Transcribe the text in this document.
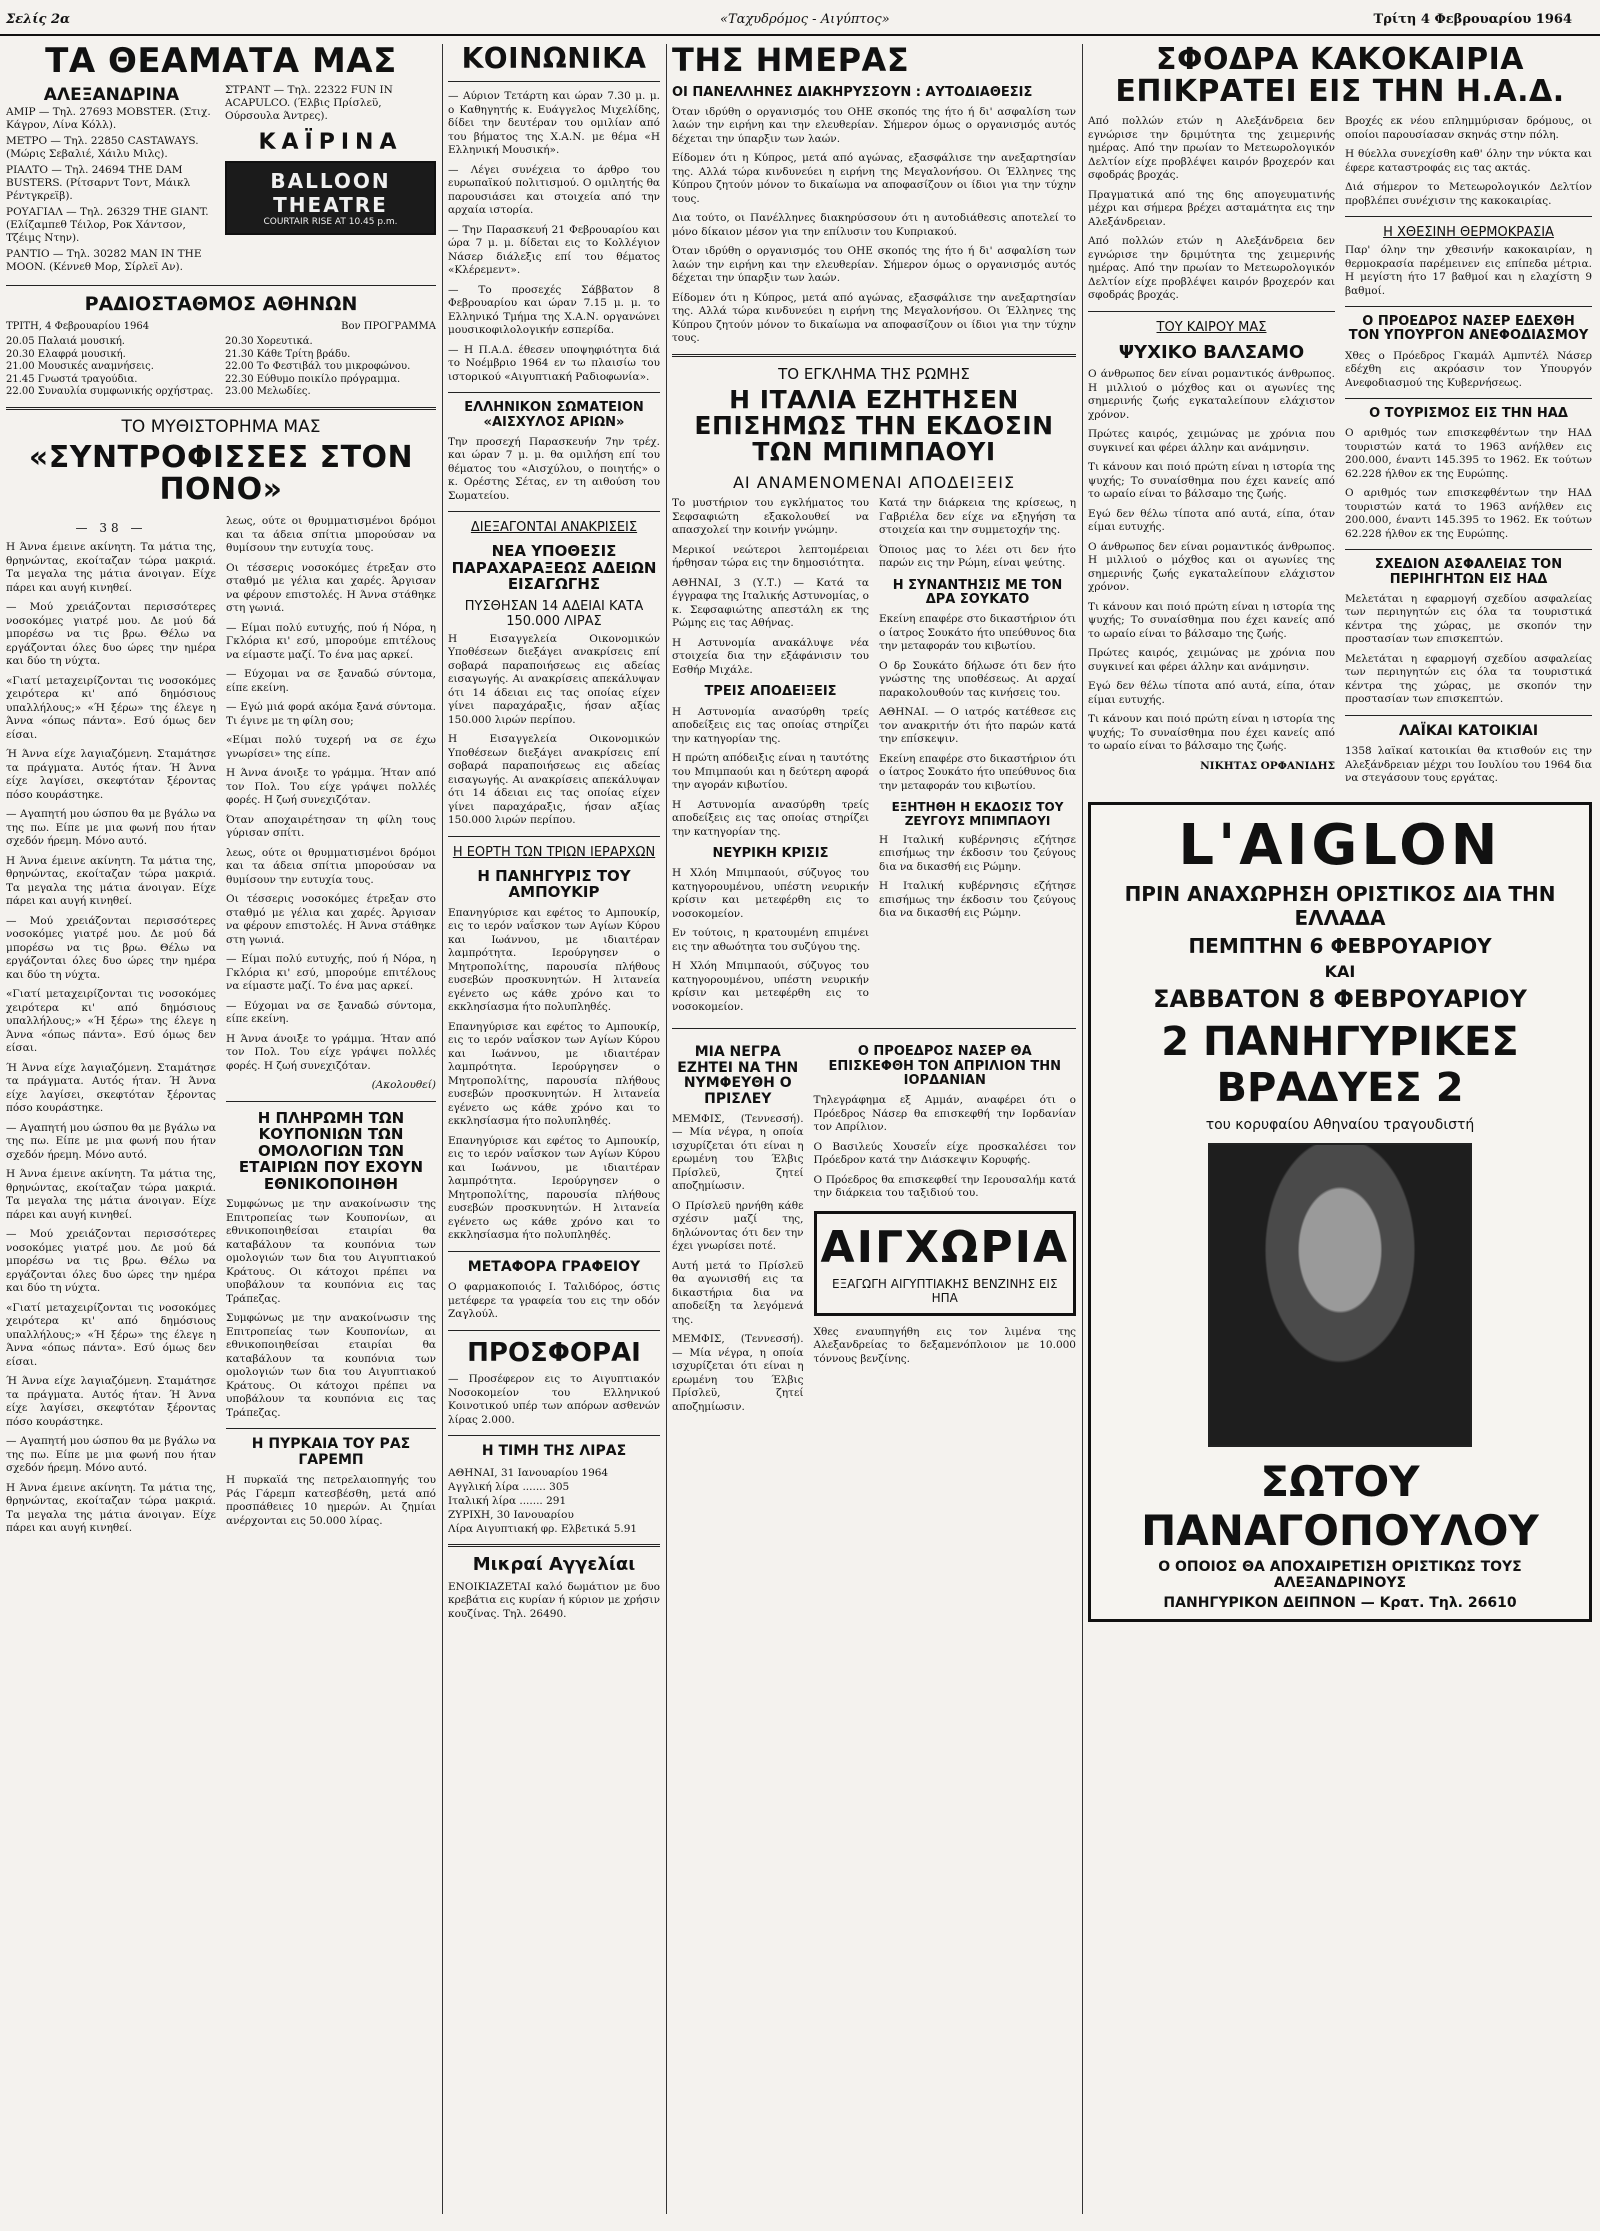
Σελίς 2α	«Ταχυδρόμος - Αιγύπτος»	Τρίτη 4 Φεβρουαρίου 1964
ΤΑ ΘΕΑΜΑΤΑ ΜΑΣ
ΑΛΕΞΑΝΔΡΙΝΑ
ΑΜΙΡ — Τηλ. 27693 MOBSTER. (Στιχ. Κάγρον, Λίνα Κόλλ).
ΜΕΤΡΟ — Τηλ. 22850 CASTAWAYS. (Μώρις Σεβαλιέ, Χάιλυ Μιλς).
ΡΙΑΛΤΟ — Τηλ. 24694 THE DAM BUSTERS. (Ρίτσαρντ Τοντ, Μάικλ Ρέντγκρεϊβ).
ΡΟΥΑΓΙΑΛ — Τηλ. 26329 THE GIANT. (Ελίζαμπεθ Τέιλορ, Ροκ Χάντσον, Τζέιμς Ντην).
ΡΑΝΤΙΟ — Τηλ. 30282 MAN IN THE MOON. (Κέννεθ Μορ, Σίρλεϊ Αν).
ΣΤΡΑΝΤ — Τηλ. 22322 FUN IN ACAPULCO. (Έλβις Πρίσλεϋ, Ούρσουλα Άντρες).
ΚΑΪΡΙΝΑ
BALLOON THEATRE
COURTAIR RISE AT 10.45 p.m.
ΡΑΔΙΟΣΤΑΘΜΟΣ ΑΘΗΝΩΝ
ΤΡΙΤΗ, 4 Φεβρουαρίου 1964	Βον ΠΡΟΓΡΑΜΜΑ
20.05 Παλαιά μουσική.
20.30 Ελαφρά μουσική.
21.00 Μουσικές αναμνήσεις.
21.45 Γνωστά τραγούδια.
22.00 Συναυλία συμφωνικής ορχήστρας.
20.30 Χορευτικά.
21.30 Κάθε Τρίτη βράδυ.
22.00 Το Φεστιβάλ του μικροφώνου.
22.30 Εύθυμο ποικίλο πρόγραμμα.
23.00 Μελωδίες.
ΤΟ ΜΥΘΙΣΤΟΡΗΜΑ ΜΑΣ
«ΣΥΝΤΡΟΦΙΣΣΕΣ ΣΤΟΝ ΠΟΝΟ»
— 38 —

Η Άννα έμεινε ακίνητη. Τα μάτια της, θρηνώντας, εκοίταζαν τώρα μακριά. Τα μεγαλα της μάτια άνοιγαν. Είχε πάρει και αυγή κινηθεί.

— Μού χρειάζονται περισσότερες νοσοκόμες γιατρέ μου. Δε μού δά μπορέσω να τις βρω. Θέλω να εργάζονται όλες δυο ώρες την ημέρα και δύο τη νύχτα.

«Γιατί μεταχειρίζονται τις νοσοκόμες χειρότερα κι' από δημόσιους υπαλλήλους;» «Ή ξέρω» της έλεγε η Άννα «όπως πάντα». Εσύ όμως δεν είσαι.

Ή Άννα είχε λαγιαζόμενη. Σταμάτησε τα πράγματα. Αυτός ήταν. Ή Άννα είχε λαγίσει, σκεφτόταν ξέροντας πόσο κουράστηκε.

— Αγαπητή μου ώσπου θα με βγάλω να της πω. Είπε με μια φωνή που ήταν σχεδόν ήρεμη. Μόνο αυτό.

Η Άννα έμεινε ακίνητη. Τα μάτια της, θρηνώντας, εκοίταζαν τώρα μακριά. Τα μεγαλα της μάτια άνοιγαν. Είχε πάρει και αυγή κινηθεί.

— Μού χρειάζονται περισσότερες νοσοκόμες γιατρέ μου. Δε μού δά μπορέσω να τις βρω. Θέλω να εργάζονται όλες δυο ώρες την ημέρα και δύο τη νύχτα.

«Γιατί μεταχειρίζονται τις νοσοκόμες χειρότερα κι' από δημόσιους υπαλλήλους;» «Ή ξέρω» της έλεγε η Άννα «όπως πάντα». Εσύ όμως δεν είσαι.

Ή Άννα είχε λαγιαζόμενη. Σταμάτησε τα πράγματα. Αυτός ήταν. Ή Άννα είχε λαγίσει, σκεφτόταν ξέροντας πόσο κουράστηκε.

— Αγαπητή μου ώσπου θα με βγάλω να της πω. Είπε με μια φωνή που ήταν σχεδόν ήρεμη. Μόνο αυτό.

Η Άννα έμεινε ακίνητη. Τα μάτια της, θρηνώντας, εκοίταζαν τώρα μακριά. Τα μεγαλα της μάτια άνοιγαν. Είχε πάρει και αυγή κινηθεί.

— Μού χρειάζονται περισσότερες νοσοκόμες γιατρέ μου. Δε μού δά μπορέσω να τις βρω. Θέλω να εργάζονται όλες δυο ώρες την ημέρα και δύο τη νύχτα.

«Γιατί μεταχειρίζονται τις νοσοκόμες χειρότερα κι' από δημόσιους υπαλλήλους;» «Ή ξέρω» της έλεγε η Άννα «όπως πάντα». Εσύ όμως δεν είσαι.

Ή Άννα είχε λαγιαζόμενη. Σταμάτησε τα πράγματα. Αυτός ήταν. Ή Άννα είχε λαγίσει, σκεφτόταν ξέροντας πόσο κουράστηκε.

— Αγαπητή μου ώσπου θα με βγάλω να της πω. Είπε με μια φωνή που ήταν σχεδόν ήρεμη. Μόνο αυτό.

Η Άννα έμεινε ακίνητη. Τα μάτια της, θρηνώντας, εκοίταζαν τώρα μακριά. Τα μεγαλα της μάτια άνοιγαν. Είχε πάρει και αυγή κινηθεί.

λεως, ούτε οι θρυμματισμένοι δρόμοι και τα άδεια σπίτια μπορούσαν να θυμίσουν την ευτυχία τους.

Οι τέσσερις νοσοκόμες έτρεξαν στο σταθμό με γέλια και χαρές. Άργισαν να φέρουν επιστολές. Η Άννα στάθηκε στη γωνιά.

— Είμαι πολύ ευτυχής, πού ή Νόρα, η Γκλόρια κι' εσύ, μπορούμε επιτέλους να είμαστε μαζί. Το ένα μας αρκεί.

— Εύχομαι να σε ξαναδώ σύντομα, είπε εκείνη.

— Εγώ μιά φορά ακόμα ξανά σύντομα. Τι έγινε με τη φίλη σου;

«Είμαι πολύ τυχερή να σε έχω γνωρίσει» της είπε.

Η Άννα άνοιξε το γράμμα. Ήταν από τον Πολ. Του είχε γράψει πολλές φορές. Η ζωή συνεχιζόταν.

Όταν αποχαιρέτησαν τη φίλη τους γύρισαν σπίτι.

λεως, ούτε οι θρυμματισμένοι δρόμοι και τα άδεια σπίτια μπορούσαν να θυμίσουν την ευτυχία τους.

Οι τέσσερις νοσοκόμες έτρεξαν στο σταθμό με γέλια και χαρές. Άργισαν να φέρουν επιστολές. Η Άννα στάθηκε στη γωνιά.

— Είμαι πολύ ευτυχής, πού ή Νόρα, η Γκλόρια κι' εσύ, μπορούμε επιτέλους να είμαστε μαζί. Το ένα μας αρκεί.

— Εύχομαι να σε ξαναδώ σύντομα, είπε εκείνη.

Η Άννα άνοιξε το γράμμα. Ήταν από τον Πολ. Του είχε γράψει πολλές φορές. Η ζωή συνεχιζόταν.

(Ακολουθεί)

Η ΠΛΗΡΩΜΗ ΤΩΝ ΚΟΥΠΟΝΙΩΝ ΤΩΝ ΟΜΟΛΟΓΙΩΝ ΤΩΝ ΕΤΑΙΡΙΩΝ ΠΟΥ ΕΧΟΥΝ ΕΘΝΙΚΟΠΟΙΗΘΗ

Συμφώνως με την ανακοίνωσιν της Επιτροπείας των Κουπονίων, αι εθνικοποιηθείσαι εταιρίαι θα καταβάλουν τα κουπόνια των ομολογιών των δια του Αιγυπτιακού Κράτους. Οι κάτοχοι πρέπει να υποβάλουν τα κουπόνια εις τας Τράπεζας.

Συμφώνως με την ανακοίνωσιν της Επιτροπείας των Κουπονίων, αι εθνικοποιηθείσαι εταιρίαι θα καταβάλουν τα κουπόνια των ομολογιών των δια του Αιγυπτιακού Κράτους. Οι κάτοχοι πρέπει να υποβάλουν τα κουπόνια εις τας Τράπεζας.

Η ΠΥΡΚΑΙΑ ΤΟΥ ΡΑΣ ΓΑΡΕΜΠ

Η πυρκαϊά της πετρελαιοπηγής του Ράς Γάρεμπ κατεσβέσθη, μετά από προσπάθειες 10 ημερών. Αι ζημίαι ανέρχονται εις 50.000 λίρας.

ΚΟΙΝΩΝΙΚΑ

— Αύριον Τετάρτη και ώραν 7.30 μ. μ. ο Καθηγητής κ. Ευάγγελος Μιχελίδης, δίδει την δευτέραν του ομιλίαν από του βήματος της Χ.Α.Ν. με θέμα «Η Ελληνική Μουσική».

— Λέγει συνέχεια το άρθρο του ευρωπαϊκού πολιτισμού. Ο ομιλητής θα παρουσιάσει και στοιχεία από την αρχαία ιστορία.

— Την Παρασκευή 21 Φεβρουαρίου και ώρα 7 μ. μ. δίδεται εις το Κολλέγιον Νάσερ διάλεξις επί του θέματος «Κλέρεμεντ».

— Το προσεχές Σάββατον 8 Φεβρουαρίου και ώραν 7.15 μ. μ. το Ελληνικό Τμήμα της Χ.Α.Ν. οργανώνει μουσικοφιλολογικήν εσπερίδα.

— Η Π.Α.Δ. έθεσεν υποψηφιότητα διά το Νοέμβριο 1964 εν τω πλαισίω του ιστορικού «Αιγυπτιακή Ραδιοφωνία».

ΕΛΛΗΝΙΚΟΝ ΣΩΜΑΤΕΙΟΝ «ΑΙΣΧΥΛΟΣ ΑΡΙΩΝ»

Την προσεχή Παρασκευήν 7ην τρέχ. και ώραν 7 μ. μ. θα ομιλήση επί του θέματος του «Αισχύλου, ο ποιητής» ο κ. Ορέστης Σέτας, εν τη αιθούση του Σωματείου.

ΔΙΕΞΑΓΟΝΤΑΙ ΑΝΑΚΡΙΣΕΙΣ
ΝΕΑ ΥΠΟΘΕΣΙΣ ΠΑΡΑΧΑΡΑΞΕΩΣ ΑΔΕΙΩΝ ΕΙΣΑΓΩΓΗΣ
ΠΥΣΘΗΣΑΝ 14 ΑΔΕΙΑΙ ΚΑΤΑ 150.000 ΛΙΡΑΣ

Η Εισαγγελεία Οικονομικών Υποθέσεων διεξάγει ανακρίσεις επί σοβαρά παραποιήσεως εις αδείας εισαγωγής. Αι ανακρίσεις απεκάλυψαν ότι 14 άδειαι εις τας οποίας είχεν γίνει παραχάραξις, ήσαν αξίας 150.000 λιρών περίπου.

Η Εισαγγελεία Οικονομικών Υποθέσεων διεξάγει ανακρίσεις επί σοβαρά παραποιήσεως εις αδείας εισαγωγής. Αι ανακρίσεις απεκάλυψαν ότι 14 άδειαι εις τας οποίας είχεν γίνει παραχάραξις, ήσαν αξίας 150.000 λιρών περίπου.

Η ΕΟΡΤΗ ΤΩΝ ΤΡΙΩΝ ΙΕΡΑΡΧΩΝ
Η ΠΑΝΗΓΥΡΙΣ ΤΟΥ ΑΜΠΟΥΚΙΡ

Επανηγύρισε και εφέτος το Αμπουκίρ, εις το ιερόν ναΐσκον των Αγίων Κύρου και Ιωάννου, με ιδιαιτέραν λαμπρότητα. Ιερούργησεν ο Μητροπολίτης, παρουσία πλήθους ευσεβών προσκυνητών. Η λιτανεία εγένετο ως κάθε χρόνο και το εκκλησίασμα ήτο πολυπληθές.

Επανηγύρισε και εφέτος το Αμπουκίρ, εις το ιερόν ναΐσκον των Αγίων Κύρου και Ιωάννου, με ιδιαιτέραν λαμπρότητα. Ιερούργησεν ο Μητροπολίτης, παρουσία πλήθους ευσεβών προσκυνητών. Η λιτανεία εγένετο ως κάθε χρόνο και το εκκλησίασμα ήτο πολυπληθές.

Επανηγύρισε και εφέτος το Αμπουκίρ, εις το ιερόν ναΐσκον των Αγίων Κύρου και Ιωάννου, με ιδιαιτέραν λαμπρότητα. Ιερούργησεν ο Μητροπολίτης, παρουσία πλήθους ευσεβών προσκυνητών. Η λιτανεία εγένετο ως κάθε χρόνο και το εκκλησίασμα ήτο πολυπληθές.

ΜΕΤΑΦΟΡΑ ΓΡΑΦΕΙΟΥ

Ο φαρμακοποιός Ι. Ταλιδόρος, όστις μετέφερε τα γραφεία του εις την οδόν Ζαγλούλ.

ΠΡΟΣΦΟΡΑΙ

— Προσέφερον εις το Αιγυπτιακόν Νοσοκομείον του Ελληνικού Κοινοτικού υπέρ των απόρων ασθενών λίρας 2.000.

Η ΤΙΜΗ ΤΗΣ ΛΙΡΑΣ
ΑΘΗΝΑΙ, 31 Ιανουαρίου 1964
Αγγλική λίρα ....... 305
Ιταλική λίρα ....... 291
ΖΥΡΙΧΗ, 30 Ιανουαρίου
Λίρα Αιγυπτιακή φρ. Ελβετικά 5.91
Μικραί Αγγελίαι

ΕΝΟΙΚΙΑΖΕΤΑΙ καλό δωμάτιον με δυο κρεβάτια εις κυρίαν ή κύριον με χρήσιν κουζίνας. Τηλ. 26490.

ΤΗΣ ΗΜΕΡΑΣ
ΟΙ ΠΑΝΕΛΛΗΝΕΣ ΔΙΑΚΗΡΥΣΣΟΥΝ : ΑΥΤΟΔΙΑΘΕΣΙΣ

Όταν ιδρύθη ο οργανισμός του ΟΗΕ σκοπός της ήτο ή δι' ασφαλίση των λαών την ειρήνη και την ελευθερίαν. Σήμερον όμως ο οργανισμός αυτός δέχεται την ύπαρξιν των λαών.

Είδομεν ότι η Κύπρος, μετά από αγώνας, εξασφάλισε την ανεξαρτησίαν της. Αλλά τώρα κινδυνεύει η ειρήνη της Μεγαλονήσου. Οι Έλληνες της Κύπρου ζητούν μόνον το δικαίωμα να αποφασίζουν οι ίδιοι για την τύχην τους.

Δια τούτο, οι Πανέλληνες διακηρύσσουν ότι η αυτοδιάθεσις αποτελεί το μόνο δίκαιον μέσον για την επίλυσιν του Κυπριακού.

Όταν ιδρύθη ο οργανισμός του ΟΗΕ σκοπός της ήτο ή δι' ασφαλίση των λαών την ειρήνη και την ελευθερίαν. Σήμερον όμως ο οργανισμός αυτός δέχεται την ύπαρξιν των λαών.

Είδομεν ότι η Κύπρος, μετά από αγώνας, εξασφάλισε την ανεξαρτησίαν της. Αλλά τώρα κινδυνεύει η ειρήνη της Μεγαλονήσου. Οι Έλληνες της Κύπρου ζητούν μόνον το δικαίωμα να αποφασίζουν οι ίδιοι για την τύχην τους.

ΤΟ ΕΓΚΛΗΜΑ ΤΗΣ ΡΩΜΗΣ
Η ΙΤΑΛΙΑ ΕΖΗΤΗΣΕΝ ΕΠΙΣΗΜΩΣ ΤΗΝ ΕΚΔΟΣΙΝ ΤΩΝ ΜΠΙΜΠΑΟΥΙ
ΑΙ ΑΝΑΜΕΝΟΜΕΝΑΙ ΑΠΟΔΕΙΞΕΙΣ

Το μυστήριον του εγκλήματος του Σεφσαφιώτη εξακολουθεί να απασχολεί την κοινήν γνώμην.

Μερικοί νεώτεροι λεπτομέρειαι ήρθησαν τώρα εις την δημοσιότητα.

ΑΘΗΝΑΙ, 3 (Υ.Τ.) — Κατά τα έγγραφα της Ιταλικής Αστυνομίας, ο κ. Σεφσαφιώτης απεστάλη εκ της Ρώμης εις τας Αθήνας.

Η Αστυνομία ανακάλυψε νέα στοιχεία δια την εξάφάνισιν του Εσθήρ Μιχάλε.

ΤΡΕΙΣ ΑΠΟΔΕΙΞΕΙΣ

Η Αστυνομία ανασύρθη τρείς αποδείξεις εις τας οποίας στηρίζει την κατηγορίαν της.

Η πρώτη απόδειξις είναι η ταυτότης του Μπιμπαούι και η δεύτερη αφορά την αγοράν κιβωτίου.

Η Αστυνομία ανασύρθη τρείς αποδείξεις εις τας οποίας στηρίζει την κατηγορίαν της.

ΝΕΥΡΙΚΗ ΚΡΙΣΙΣ

Η Χλόη Μπιμπαούι, σύζυγος του κατηγορουμένου, υπέστη νευρικήν κρίσιν και μετεφέρθη εις το νοσοκομείον.

Εν τούτοις, η κρατουμένη επιμένει εις την αθωότητα του συζύγου της.

Η Χλόη Μπιμπαούι, σύζυγος του κατηγορουμένου, υπέστη νευρικήν κρίσιν και μετεφέρθη εις το νοσοκομείον.

Κατά την διάρκεια της κρίσεως, η Γαβριέλα δεν είχε να εξηγήση τα στοιχεία και την συμμετοχήν της.

Όποιος μας το λέει οτι δεν ήτο παρών εις την Ρώμη, είναι ψεύτης.

Η ΣΥΝΑΝΤΗΣΙΣ ΜΕ ΤΟΝ ΔΡΑ ΣΟΥΚΑΤΟ

Εκείνη επαφέρε στο δικαστήριον ότι ο ίατρος Σουκάτο ήτο υπεύθυνος δια την μεταφοράν του κιβωτίου.

Ο δρ Σουκάτο δήλωσε ότι δεν ήτο γνώστης της υποθέσεως. Αι αρχαί παρακολουθούν τας κινήσεις του.

ΑΘΗΝΑΙ. — Ο ιατρός κατέθεσε εις τον ανακριτήν ότι ήτο παρών κατά την επίσκεψιν.

Εκείνη επαφέρε στο δικαστήριον ότι ο ίατρος Σουκάτο ήτο υπεύθυνος δια την μεταφοράν του κιβωτίου.

ΕΞΗΤΗΘΗ Η ΕΚΔΟΣΙΣ ΤΟΥ ΖΕΥΓΟΥΣ ΜΠΙΜΠΑΟΥΙ

Η Ιταλική κυβέρνησις εζήτησε επισήμως την έκδοσιν του ζεύγους δια να δικασθή εις Ρώμην.

Η Ιταλική κυβέρνησις εζήτησε επισήμως την έκδοσιν του ζεύγους δια να δικασθή εις Ρώμην.

ΜΙΑ ΝΕΓΡΑ ΕΖΗΤΕΙ ΝΑ ΤΗΝ ΝΥΜΦΕΥΘΗ Ο ΠΡΙΣΛΕΥ

ΜΕΜΦΙΣ, (Τεννεσσή). — Μία νέγρα, η οποία ισχυρίζεται ότι είναι η ερωμένη του Έλβις Πρίσλεϋ, ζητεί αποζημίωσιν.

Ο Πρίσλεϋ ηρνήθη κάθε σχέσιν μαζί της, δηλώνοντας ότι δεν την έχει γνωρίσει ποτέ.

Αυτή μετά το Πρίσλεϋ θα αγωνισθή εις τα δικαστήρια δια να αποδείξη τα λεγόμενά της.

ΜΕΜΦΙΣ, (Τεννεσσή). — Μία νέγρα, η οποία ισχυρίζεται ότι είναι η ερωμένη του Έλβις Πρίσλεϋ, ζητεί αποζημίωσιν.

Ο ΠΡΟΕΔΡΟΣ ΝΑΣΕΡ ΘΑ ΕΠΙΣΚΕΦΘΗ ΤΟΝ ΑΠΡΙΛΙΟΝ ΤΗΝ ΙΟΡΔΑΝΙΑΝ

Τηλεγράφημα εξ Αμμάν, αναφέρει ότι ο Πρόεδρος Νάσερ θα επισκεφθή την Ιορδανίαν τον Απρίλιον.

Ο Βασιλεύς Χουσεΐν είχε προσκαλέσει τον Πρόεδρον κατά την Διάσκεψιν Κορυφής.

Ο Πρόεδρος θα επισκεφθεί την Ιερουσαλήμ κατά την διάρκεια του ταξιδιού του.

ΑΙΓΧΩΡΙΑ
ΕΞΑΓΩΓΗ ΑΙΓΥΠΤΙΑΚΗΣ ΒΕΝΖΙΝΗΣ ΕΙΣ ΗΠΑ

Χθες εναυπηγήθη εις τον λιμένα της Αλεξανδρείας το δεξαμενόπλοιον με 10.000 τόννους βενζίνης.

ΣΦΟΔΡΑ ΚΑΚΟΚΑΙΡΙΑ ΕΠΙΚΡΑΤΕΙ ΕΙΣ ΤΗΝ Η.Α.Δ.

Από πολλών ετών η Αλεξάνδρεια δεν εγνώρισε την δριμύτητα της χειμερινής ημέρας. Από την πρωίαν το Μετεωρολογικόν Δελτίον είχε προβλέψει καιρόν βροχερόν και σφοδράς βροχάς.

Πραγματικά από της 6ης απογευματινής μέχρι και σήμερα βρέχει ασταμάτητα εις την Αλεξάνδρειαν.

Από πολλών ετών η Αλεξάνδρεια δεν εγνώρισε την δριμύτητα της χειμερινής ημέρας. Από την πρωίαν το Μετεωρολογικόν Δελτίον είχε προβλέψει καιρόν βροχερόν και σφοδράς βροχάς.

ΤΟΥ ΚΑΙΡΟΥ ΜΑΣ
ΨΥΧΙΚΟ ΒΑΛΣΑΜΟ

Ο άνθρωπος δεν είναι ρομαντικός άνθρωπος. Η μιλλιού ο μόχθος και οι αγωνίες της σημερινής ζωής εγκαταλείπουν ελάχιστον χρόνον.

Πρώτες καιρός, χειμώνας με χρόνια που συγκινεί και φέρει άλλην και ανάμνησιν.

Τι κάνουν και ποιό πρώτη είναι η ιστορία της ψυχής; Το συναίσθημα που έχει κανείς από το ωραίο είναι το βάλσαμο της ζωής.

Εγώ δεν θέλω τίποτα από αυτά, είπα, όταν είμαι ευτυχής.

Ο άνθρωπος δεν είναι ρομαντικός άνθρωπος. Η μιλλιού ο μόχθος και οι αγωνίες της σημερινής ζωής εγκαταλείπουν ελάχιστον χρόνον.

Τι κάνουν και ποιό πρώτη είναι η ιστορία της ψυχής; Το συναίσθημα που έχει κανείς από το ωραίο είναι το βάλσαμο της ζωής.

Πρώτες καιρός, χειμώνας με χρόνια που συγκινεί και φέρει άλλην και ανάμνησιν.

Εγώ δεν θέλω τίποτα από αυτά, είπα, όταν είμαι ευτυχής.

Τι κάνουν και ποιό πρώτη είναι η ιστορία της ψυχής; Το συναίσθημα που έχει κανείς από το ωραίο είναι το βάλσαμο της ζωής.

ΝΙΚΗΤΑΣ ΟΡΦΑΝΙΔΗΣ

Βροχές εκ νέου επλημμύρισαν δρόμους, οι οποίοι παρουσίασαν σκηνάς στην πόλη.

Η θύελλα συνεχίσθη καθ' όλην την νύκτα και έφερε καταστροφάς εις τας ακτάς.

Διά σήμερον το Μετεωρολογικόν Δελτίον προβλέπει συνέχισιν της κακοκαιρίας.

Η ΧΘΕΣΙΝΗ ΘΕΡΜΟΚΡΑΣΙΑ

Παρ' όλην την χθεσινήν κακοκαιρίαν, η θερμοκρασία παρέμεινεν εις επίπεδα μέτρια. Η μεγίστη ήτο 17 βαθμοί και η ελαχίστη 9 βαθμοί.

Ο ΠΡΟΕΔΡΟΣ ΝΑΣΕΡ ΕΔΕΧΘΗ ΤΟΝ ΥΠΟΥΡΓΟΝ ΑΝΕΦΟΔΙΑΣΜΟΥ

Χθες ο Πρόεδρος Γκαμάλ Αμπντέλ Νάσερ εδέχθη εις ακρόασιν τον Υπουργόν Ανεφοδιασμού της Κυβερνήσεως.

Ο ΤΟΥΡΙΣΜΟΣ ΕΙΣ ΤΗΝ ΗΑΔ

Ο αριθμός των επισκεφθέντων την ΗΑΔ τουριστών κατά το 1963 ανήλθεν εις 200.000, έναντι 145.395 το 1962. Εκ τούτων 62.228 ήλθον εκ της Ευρώπης.

Ο αριθμός των επισκεφθέντων την ΗΑΔ τουριστών κατά το 1963 ανήλθεν εις 200.000, έναντι 145.395 το 1962. Εκ τούτων 62.228 ήλθον εκ της Ευρώπης.

ΣΧΕΔΙΟΝ ΑΣΦΑΛΕΙΑΣ ΤΟΝ ΠΕΡΙΗΓΗΤΩΝ ΕΙΣ ΗΑΔ

Μελετάται η εφαρμογή σχεδίου ασφαλείας των περιηγητών εις όλα τα τουριστικά κέντρα της χώρας, με σκοπόν την προστασίαν των επισκεπτών.

Μελετάται η εφαρμογή σχεδίου ασφαλείας των περιηγητών εις όλα τα τουριστικά κέντρα της χώρας, με σκοπόν την προστασίαν των επισκεπτών.

ΛΑΪΚΑΙ ΚΑΤΟΙΚΙΑΙ

1358 λαϊκαί κατοικίαι θα κτισθούν εις την Αλεξάνδρειαν μέχρι του Ιουλίου του 1964 δια να στεγάσουν τους εργάτας.

L'AIGLON
ΠΡΙΝ ΑΝΑΧΩΡΗΣΗ ΟΡΙΣΤΙΚΟΣ ΔΙΑ ΤΗΝ ΕΛΛΑΔΑ
ΠΕΜΠΤΗΝ 6 ΦΕΒΡΟΥΑΡΙΟΥ
ΚΑΙ
ΣΑΒΒΑΤΟΝ 8 ΦΕΒΡΟΥΑΡΙΟΥ
2 ΠΑΝΗΓΥΡΙΚΕΣ ΒΡΑΔΥΕΣ 2
του κορυφαίου Αθηναίου τραγουδιστή
ΣΩΤΟΥ ΠΑΝΑΓΟΠΟΥΛΟΥ
Ο ΟΠΟΙΟΣ ΘΑ ΑΠΟΧΑΙΡΕΤΙΣΗ ΟΡΙΣΤΙΚΩΣ ΤΟΥΣ ΑΛΕΞΑΝΔΡΙΝΟΥΣ
ΠΑΝΗΓΥΡΙΚΟΝ ΔΕΙΠΝΟΝ — Κρατ. Τηλ. 26610
